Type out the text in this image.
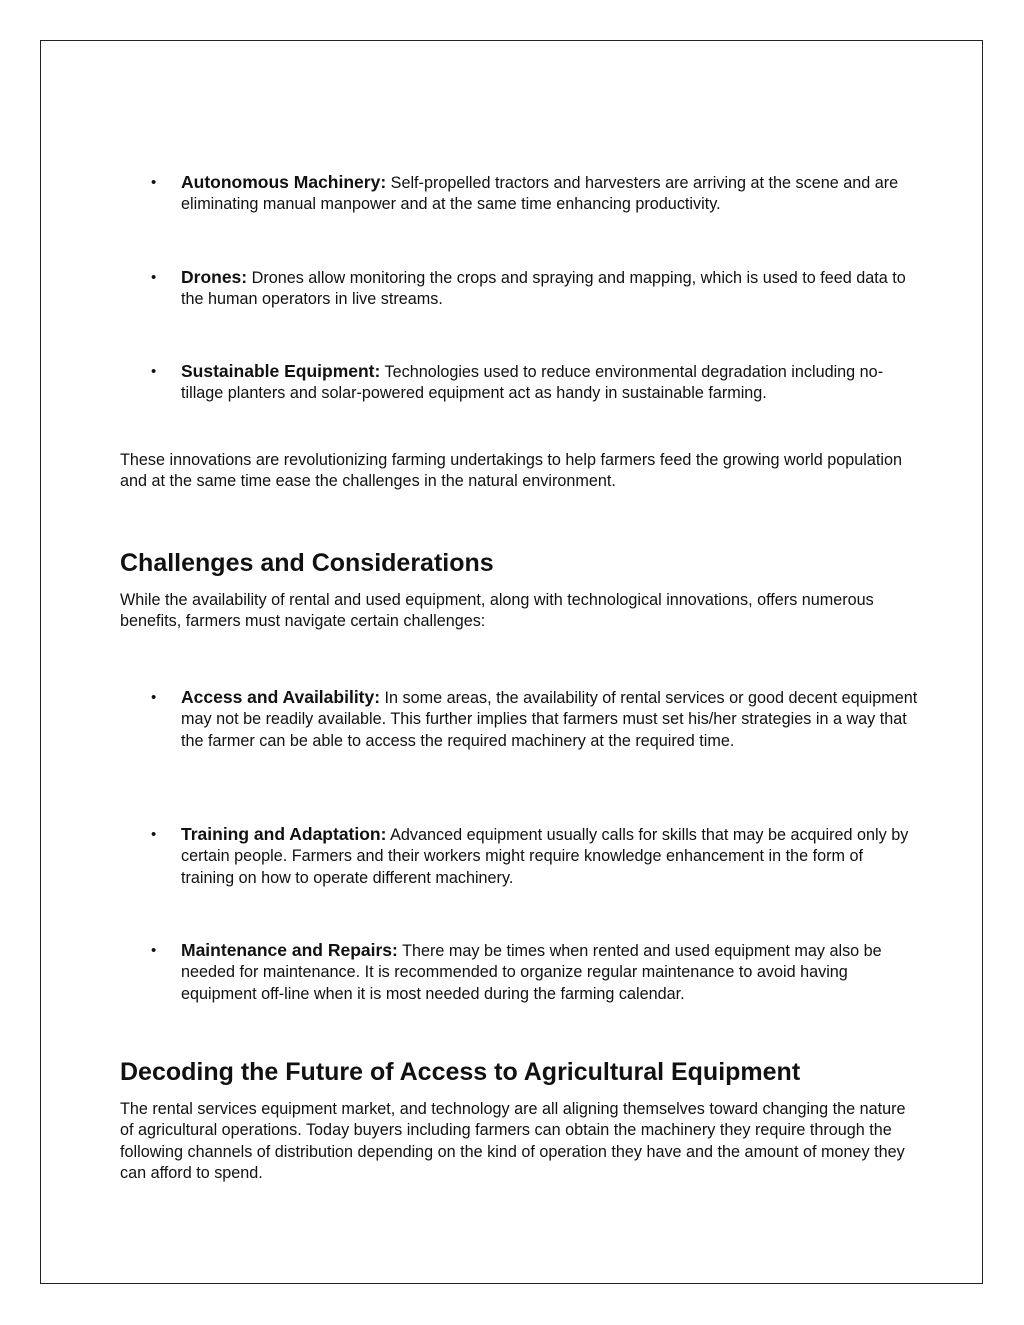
• Autonomous Machinery: Self-propelled tractors and harvesters are arriving at the scene and are eliminating manual manpower and at the same time enhancing productivity.
• Drones: Drones allow monitoring the crops and spraying and mapping, which is used to feed data to the human operators in live streams.
• Sustainable Equipment: Technologies used to reduce environmental degradation including no-tillage planters and solar-powered equipment act as handy in sustainable farming.

These innovations are revolutionizing farming undertakings to help farmers feed the growing world population and at the same time ease the challenges in the natural environment.

Challenges and Considerations

While the availability of rental and used equipment, along with technological innovations, offers numerous benefits, farmers must navigate certain challenges:

• Access and Availability: In some areas, the availability of rental services or good decent equipment may not be readily available. This further implies that farmers must set his/her strategies in a way that the farmer can be able to access the required machinery at the required time.
• Training and Adaptation: Advanced equipment usually calls for skills that may be acquired only by certain people. Farmers and their workers might require knowledge enhancement in the form of training on how to operate different machinery.
• Maintenance and Repairs: There may be times when rented and used equipment may also be needed for maintenance. It is recommended to organize regular maintenance to avoid having equipment off-line when it is most needed during the farming calendar.
Decoding the Future of Access to Agricultural Equipment

The rental services equipment market, and technology are all aligning themselves toward changing the nature of agricultural operations. Today buyers including farmers can obtain the machinery they require through the following channels of distribution depending on the kind of operation they have and the amount of money they can afford to spend.
